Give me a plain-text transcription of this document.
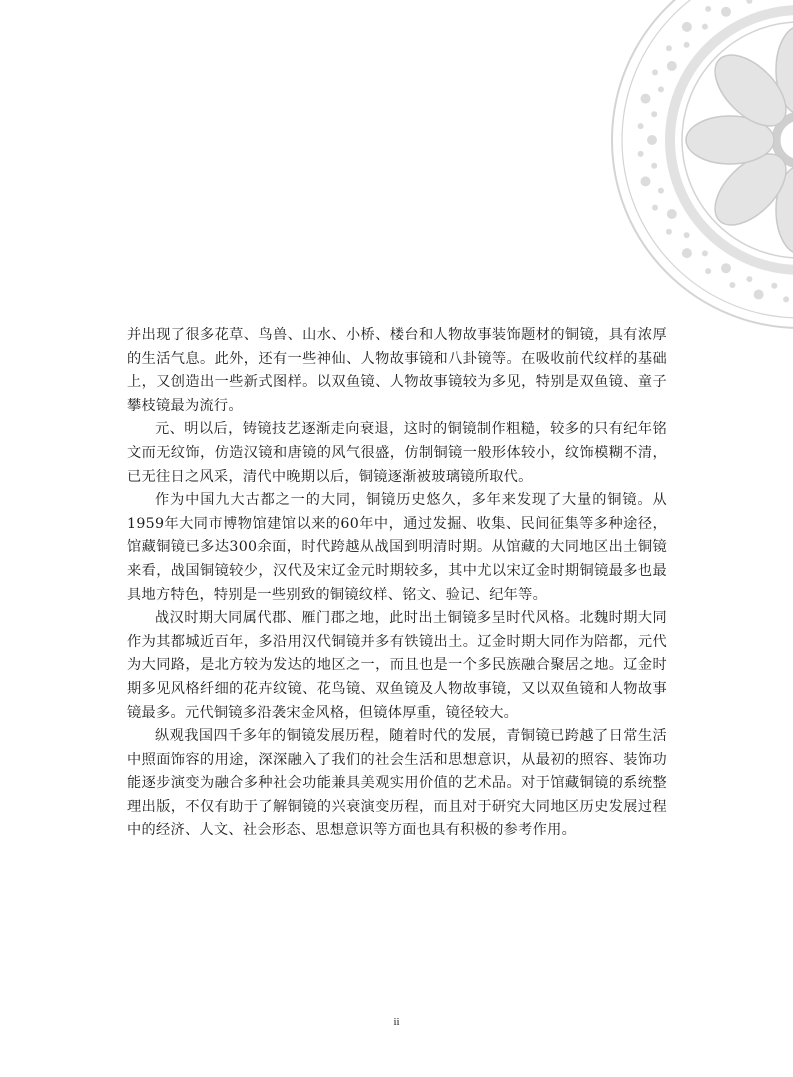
并出现了很多花草、鸟兽、山水、小桥、楼台和人物故事装饰题材的铜镜，具有浓厚的生活气息。此外，还有一些神仙、人物故事镜和八卦镜等。在吸收前代纹样的基础上，又创造出一些新式图样。以双鱼镜、人物故事镜较为多见，特别是双鱼镜、童子攀枝镜最为流行。

元、明以后，铸镜技艺逐渐走向衰退，这时的铜镜制作粗糙，较多的只有纪年铭文而无纹饰，仿造汉镜和唐镜的风气很盛，仿制铜镜一般形体较小，纹饰模糊不清，已无往日之风采，清代中晚期以后，铜镜逐渐被玻璃镜所取代。

作为中国九大古都之一的大同，铜镜历史悠久，多年来发现了大量的铜镜。从1959年大同市博物馆建馆以来的60年中，通过发掘、收集、民间征集等多种途径，馆藏铜镜已多达300余面，时代跨越从战国到明清时期。从馆藏的大同地区出土铜镜来看，战国铜镜较少，汉代及宋辽金元时期较多，其中尤以宋辽金时期铜镜最多也最具地方特色，特别是一些别致的铜镜纹样、铭文、验记、纪年等。

战汉时期大同属代郡、雁门郡之地，此时出土铜镜多呈时代风格。北魏时期大同作为其都城近百年，多沿用汉代铜镜并多有铁镜出土。辽金时期大同作为陪都，元代为大同路，是北方较为发达的地区之一，而且也是一个多民族融合聚居之地。辽金时期多见风格纤细的花卉纹镜、花鸟镜、双鱼镜及人物故事镜，又以双鱼镜和人物故事镜最多。元代铜镜多沿袭宋金风格，但镜体厚重，镜径较大。

纵观我国四千多年的铜镜发展历程，随着时代的发展，青铜镜已跨越了日常生活中照面饰容的用途，深深融入了我们的社会生活和思想意识，从最初的照容、装饰功能逐步演变为融合多种社会功能兼具美观实用价值的艺术品。对于馆藏铜镜的系统整理出版，不仅有助于了解铜镜的兴衰演变历程，而且对于研究大同地区历史发展过程中的经济、人文、社会形态、思想意识等方面也具有积极的参考作用。

ii
